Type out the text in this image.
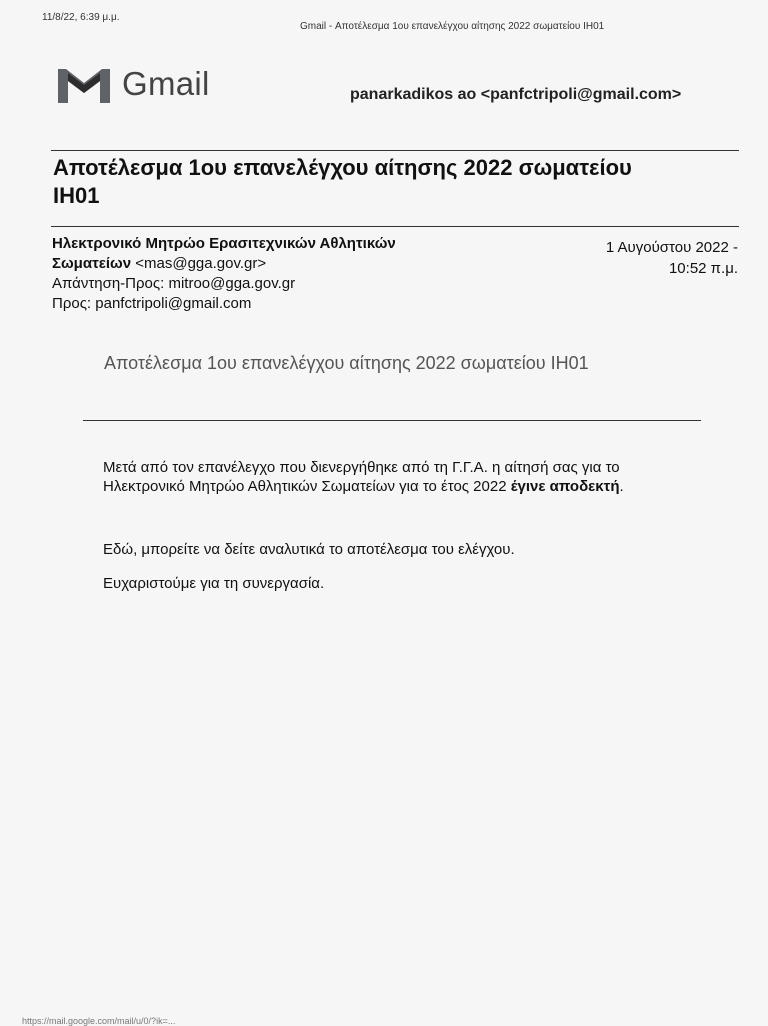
11/8/22, 6:39 μ.μ.
Gmail - Αποτέλεσμα 1ου επανελέγχου αίτησης 2022 σωματείου ΙΗ01
Gmail	panarkadikos ao <panfctripoli@gmail.com>
Αποτέλεσμα 1ου επανελέγχου αίτησης 2022 σωματείου ΙΗ01
Ηλεκτρονικό Μητρώο Ερασιτεχνικών Αθλητικών
Σωματείων <mas@gga.gov.gr>
Απάντηση-Προς: mitroo@gga.gov.gr
Προς: panfctripoli@gmail.com
1 Αυγούστου 2022 -
10:52 π.μ.
Αποτέλεσμα 1ου επανελέγχου αίτησης 2022 σωματείου ΙΗ01
Μετά από τον επανέλεγχο που διενεργήθηκε από τη Γ.Γ.Α. η αίτησή σας για το Ηλεκτρονικό Μητρώο Αθλητικών Σωματείων για το έτος 2022 έγινε αποδεκτή.
Εδώ, μπορείτε να δείτε αναλυτικά το αποτέλεσμα του ελέγχου.
Ευχαριστούμε για τη συνεργασία.
https://mail.google.com/mail/u/0/?ik=...
